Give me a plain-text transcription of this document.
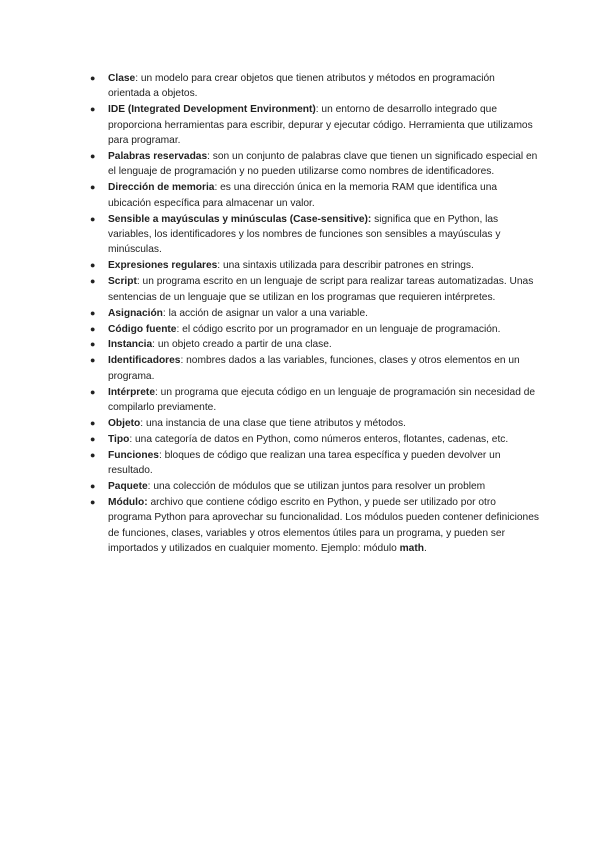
● Clase: un modelo para crear objetos que tienen atributos y métodos en programación orientada a objetos.
● IDE (Integrated Development Environment): un entorno de desarrollo integrado que proporciona herramientas para escribir, depurar y ejecutar código. Herramienta que utilizamos para programar.
● Palabras reservadas: son un conjunto de palabras clave que tienen un significado especial en el lenguaje de programación y no pueden utilizarse como nombres de identificadores.
● Dirección de memoria: es una dirección única en la memoria RAM que identifica una ubicación específica para almacenar un valor.
● Sensible a mayúsculas y minúsculas (Case-sensitive): significa que en Python, las variables, los identificadores y los nombres de funciones son sensibles a mayúsculas y minúsculas.
● Expresiones regulares: una sintaxis utilizada para describir patrones en strings.
● Script: un programa escrito en un lenguaje de script para realizar tareas automatizadas. Unas sentencias de un lenguaje que se utilizan en los programas que requieren intérpretes.
● Asignación: la acción de asignar un valor a una variable.
● Código fuente: el código escrito por un programador en un lenguaje de programación.
● Instancia: un objeto creado a partir de una clase.
● Identificadores: nombres dados a las variables, funciones, clases y otros elementos en un programa.
● Intérprete: un programa que ejecuta código en un lenguaje de programación sin necesidad de compilarlo previamente.
● Objeto: una instancia de una clase que tiene atributos y métodos.
● Tipo: una categoría de datos en Python, como números enteros, flotantes, cadenas, etc.
● Funciones: bloques de código que realizan una tarea específica y pueden devolver un resultado.
● Paquete: una colección de módulos que se utilizan juntos para resolver un problem
● Módulo: archivo que contiene código escrito en Python, y puede ser utilizado por otro programa Python para aprovechar su funcionalidad. Los módulos pueden contener definiciones de funciones, clases, variables y otros elementos útiles para un programa, y pueden ser importados y utilizados en cualquier momento. Ejemplo: módulo math.
